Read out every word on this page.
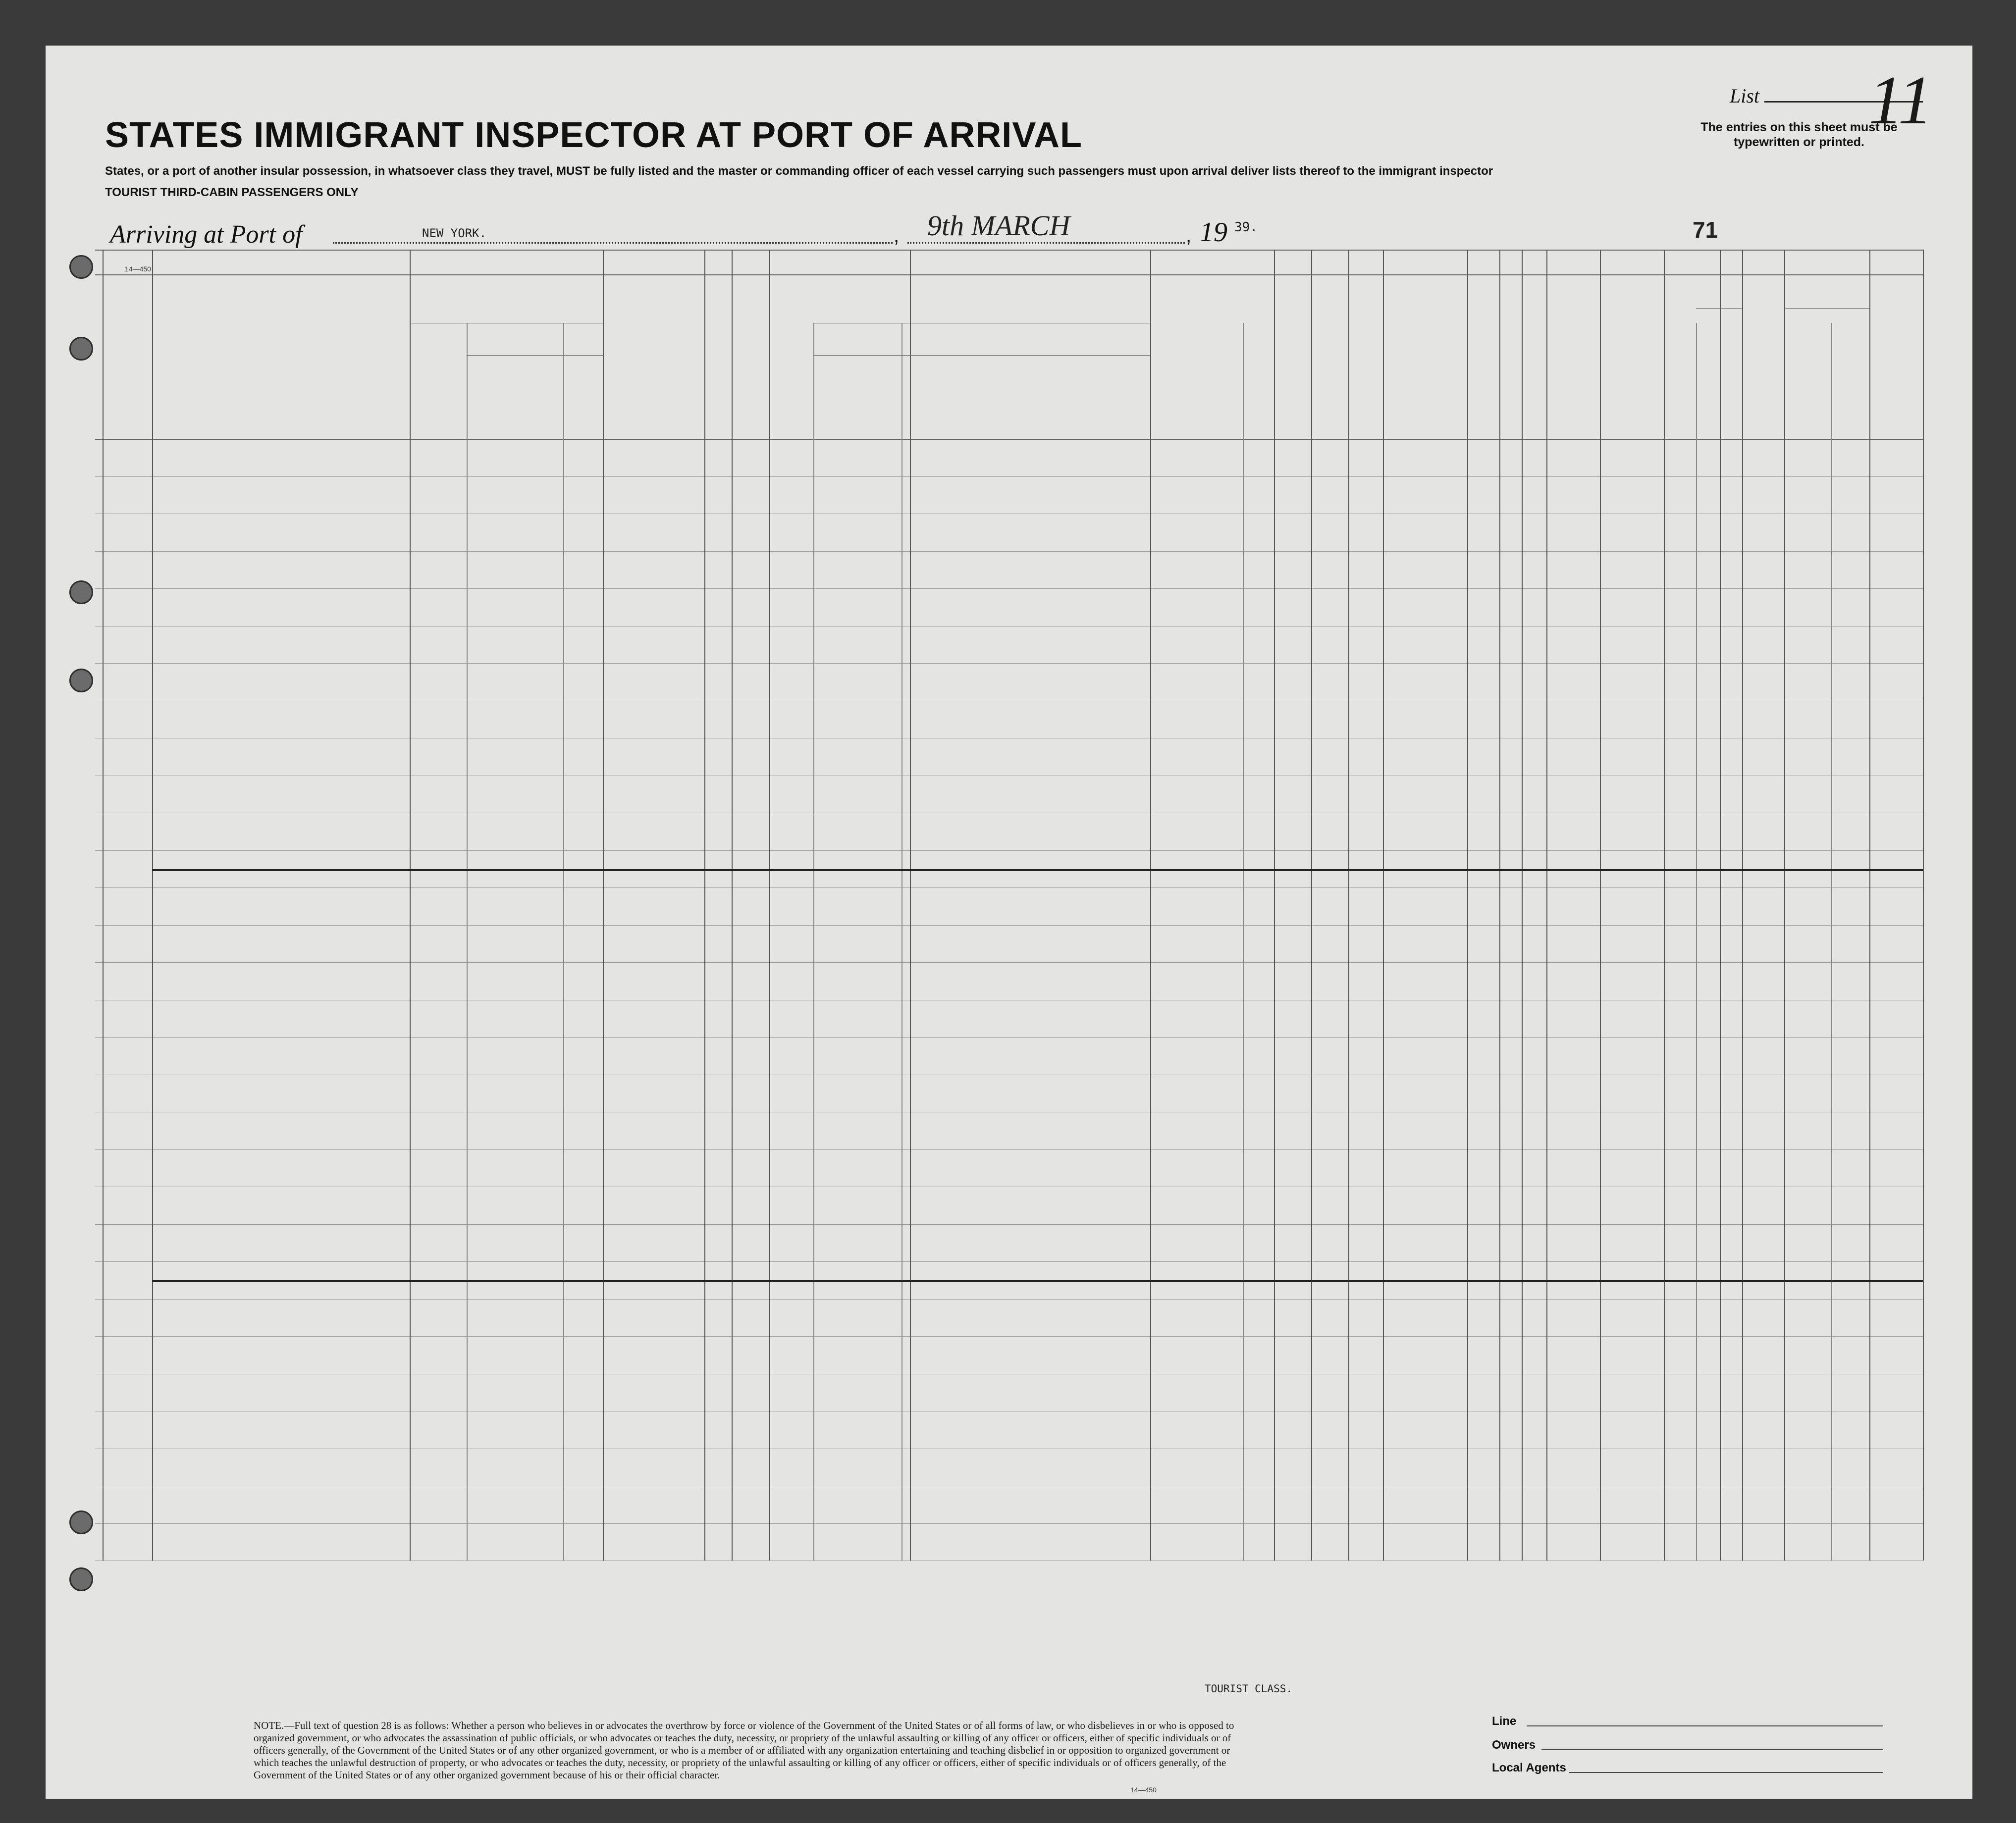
STATES IMMIGRANT INSPECTOR AT PORT OF ARRIVAL
States, or a port of another insular possession, in whatsoever class they travel, MUST be fully listed and the master or commanding officer of each vessel carrying such passengers must upon arrival deliver lists thereof to the immigrant inspector
TOURIST THIRD-CABIN PASSENGERS ONLY
List 11
The entries on this sheet must be typewritten or printed.
Arriving at Port of	NEW YORK.	, 9th MARCH	, 19 39.	71
14—450
TOURIST CLASS.
NOTE.—Full text of question 28 is as follows: Whether a person who believes in or advocates the overthrow by force or violence of the Government of the United States or of all forms of law, or who disbelieves in or who is opposed to organized government, or who advocates the assassination of public officials, or who advocates or teaches the duty, necessity, or propriety of the unlawful assaulting or killing of any officer or officers, either of specific individuals or of officers generally, of the Government of the United States or of any other organized government, or who is a member of or affiliated with any organization entertaining and teaching disbelief in or opposition to organized government or which teaches the unlawful destruction of property, or who advocates or teaches the duty, necessity, or propriety of the unlawful assaulting or killing of any officer or officers, either of specific individuals or of officers generally, of the Government of the United States or of any other organized government because of his or their official character.
14—450
Line
Owners
Local Agents
